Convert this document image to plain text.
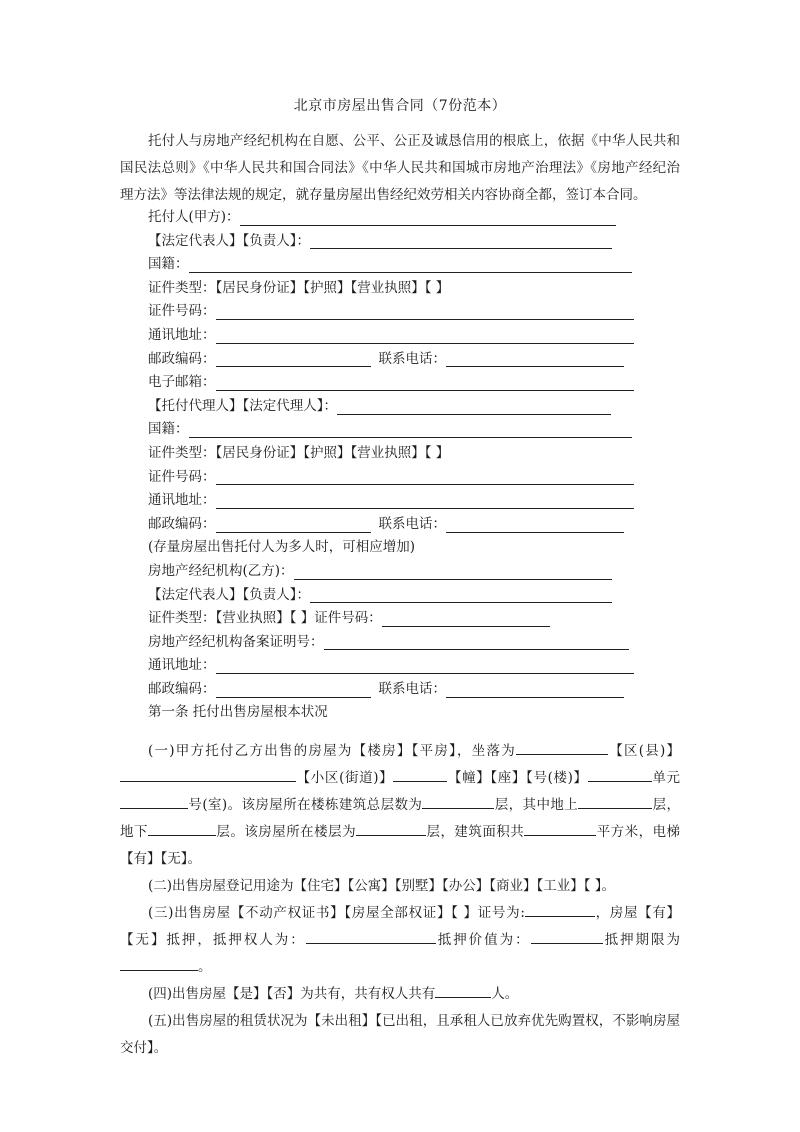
北京市房屋出售合同（7份范本）

托付人与房地产经纪机构在自愿、公平、公正及诚恳信用的根底上，依据《中华人民共和国民法总则》《中华人民共和国合同法》《中华人民共和国城市房地产治理法》《房地产经纪治理方法》等法律法规的规定，就存量房屋出售经纪效劳相关内容协商全都，签订本合同。

托付人(甲方)：
【法定代表人】【负责人】：
国籍：
证件类型：【居民身份证】【护照】【营业执照】【 】
证件号码：
通讯地址：
邮政编码：	联系电话：
电子邮箱：
【托付代理人】【法定代理人】：
国籍：
证件类型：【居民身份证】【护照】【营业执照】【 】
证件号码：
通讯地址：
邮政编码：	联系电话：
(存量房屋出售托付人为多人时，可相应增加)
房地产经纪机构(乙方)：
【法定代表人】【负责人】：
证件类型：【营业执照】【 】证件号码：
房地产经纪机构备案证明号：
通讯地址：
邮政编码：	联系电话：
第一条 托付出售房屋根本状况

(一)甲方托付乙方出售的房屋为【楼房】【平房】，坐落为	【区(县)】【小区(街道)】	【幢】【座】【号(楼)】	单元号(室)。该房屋所在楼栋建筑总层数为	层，其中地上	层，地下	层。该房屋所在楼层为	层，建筑面积共	平方米，电梯【有】【无】。

(二)出售房屋登记用途为【住宅】【公寓】【别墅】【办公】【商业】【工业】【 】。

(三)出售房屋【不动产权证书】【房屋全部权证】【 】证号为:	，房屋【有】【无】抵押，抵押权人为：	抵押价值为：	抵押期限为。

(四)出售房屋【是】【否】为共有，共有权人共有	人。

(五)出售房屋的租赁状况为【未出租】【已出租，且承租人已放弃优先购置权，不影响房屋交付】。
